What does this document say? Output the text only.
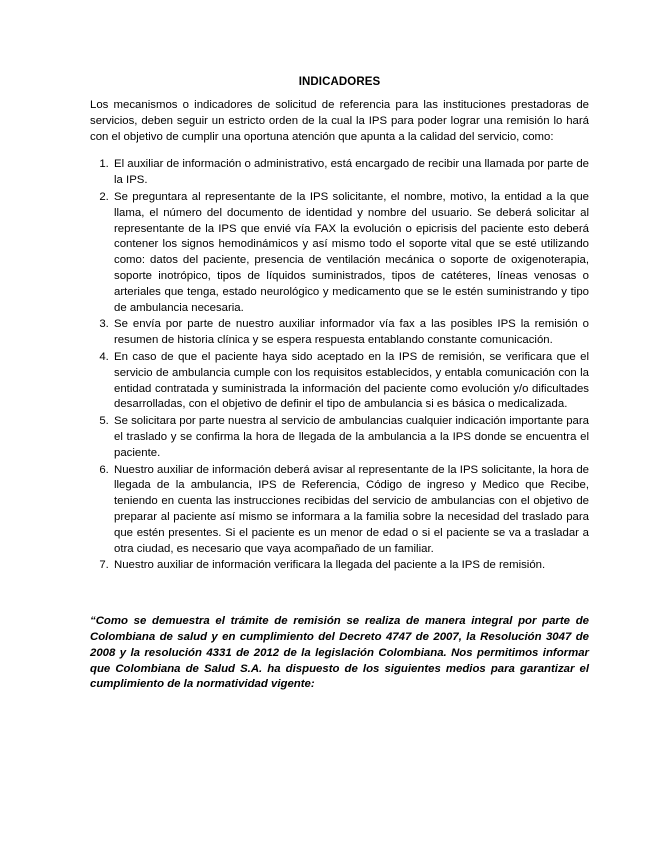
INDICADORES

Los mecanismos o indicadores de solicitud de referencia para las instituciones prestadoras de servicios, deben seguir un estricto orden de la cual la IPS para poder lograr una remisión lo hará con el objetivo de cumplir una oportuna atención que apunta a la calidad del servicio, como:

1. El auxiliar de información o administrativo, está encargado de recibir una llamada por parte de la IPS.
2. Se preguntara al representante de la IPS solicitante, el nombre, motivo, la entidad a la que llama, el número del documento de identidad y nombre del usuario. Se deberá solicitar al representante de la IPS que envié vía FAX la evolución o epicrisis del paciente esto deberá contener los signos hemodinámicos y así mismo todo el soporte vital que se esté utilizando como: datos del paciente, presencia de ventilación mecánica o soporte de oxigenoterapia, soporte inotrópico, tipos de líquidos suministrados, tipos de catéteres, líneas venosas o arteriales que tenga, estado neurológico y medicamento que se le estén suministrando y tipo de ambulancia necesaria.
3. Se envía por parte de nuestro auxiliar informador vía fax a las posibles IPS la remisión o resumen de historia clínica y se espera respuesta entablando constante comunicación.
4. En caso de que el paciente haya sido aceptado en la IPS de remisión, se verificara que el servicio de ambulancia cumple con los requisitos establecidos, y entabla comunicación con la entidad contratada y suministrada la información del paciente como evolución y/o dificultades desarrolladas, con el objetivo de definir el tipo de ambulancia si es básica o medicalizada.
5. Se solicitara por parte nuestra al servicio de ambulancias cualquier indicación importante para el traslado y se confirma la hora de llegada de la ambulancia a la IPS donde se encuentra el paciente.
6. Nuestro auxiliar de información deberá avisar al representante de la IPS solicitante, la hora de llegada de la ambulancia, IPS de Referencia, Código de ingreso y Medico que Recibe, teniendo en cuenta las instrucciones recibidas del servicio de ambulancias con el objetivo de preparar al paciente así mismo se informara a la familia sobre la necesidad del traslado para que estén presentes. Si el paciente es un menor de edad o si el paciente se va a trasladar a otra ciudad, es necesario que vaya acompañado de un familiar.
7. Nuestro auxiliar de información verificara la llegada del paciente a la IPS de remisión.

“Como se demuestra el trámite de remisión se realiza de manera integral por parte de Colombiana de salud y en cumplimiento del Decreto 4747 de 2007, la Resolución 3047 de 2008 y la resolución 4331 de 2012 de la legislación Colombiana. Nos permitimos informar que Colombiana de Salud S.A. ha dispuesto de los siguientes medios para garantizar el cumplimiento de la normatividad vigente:
